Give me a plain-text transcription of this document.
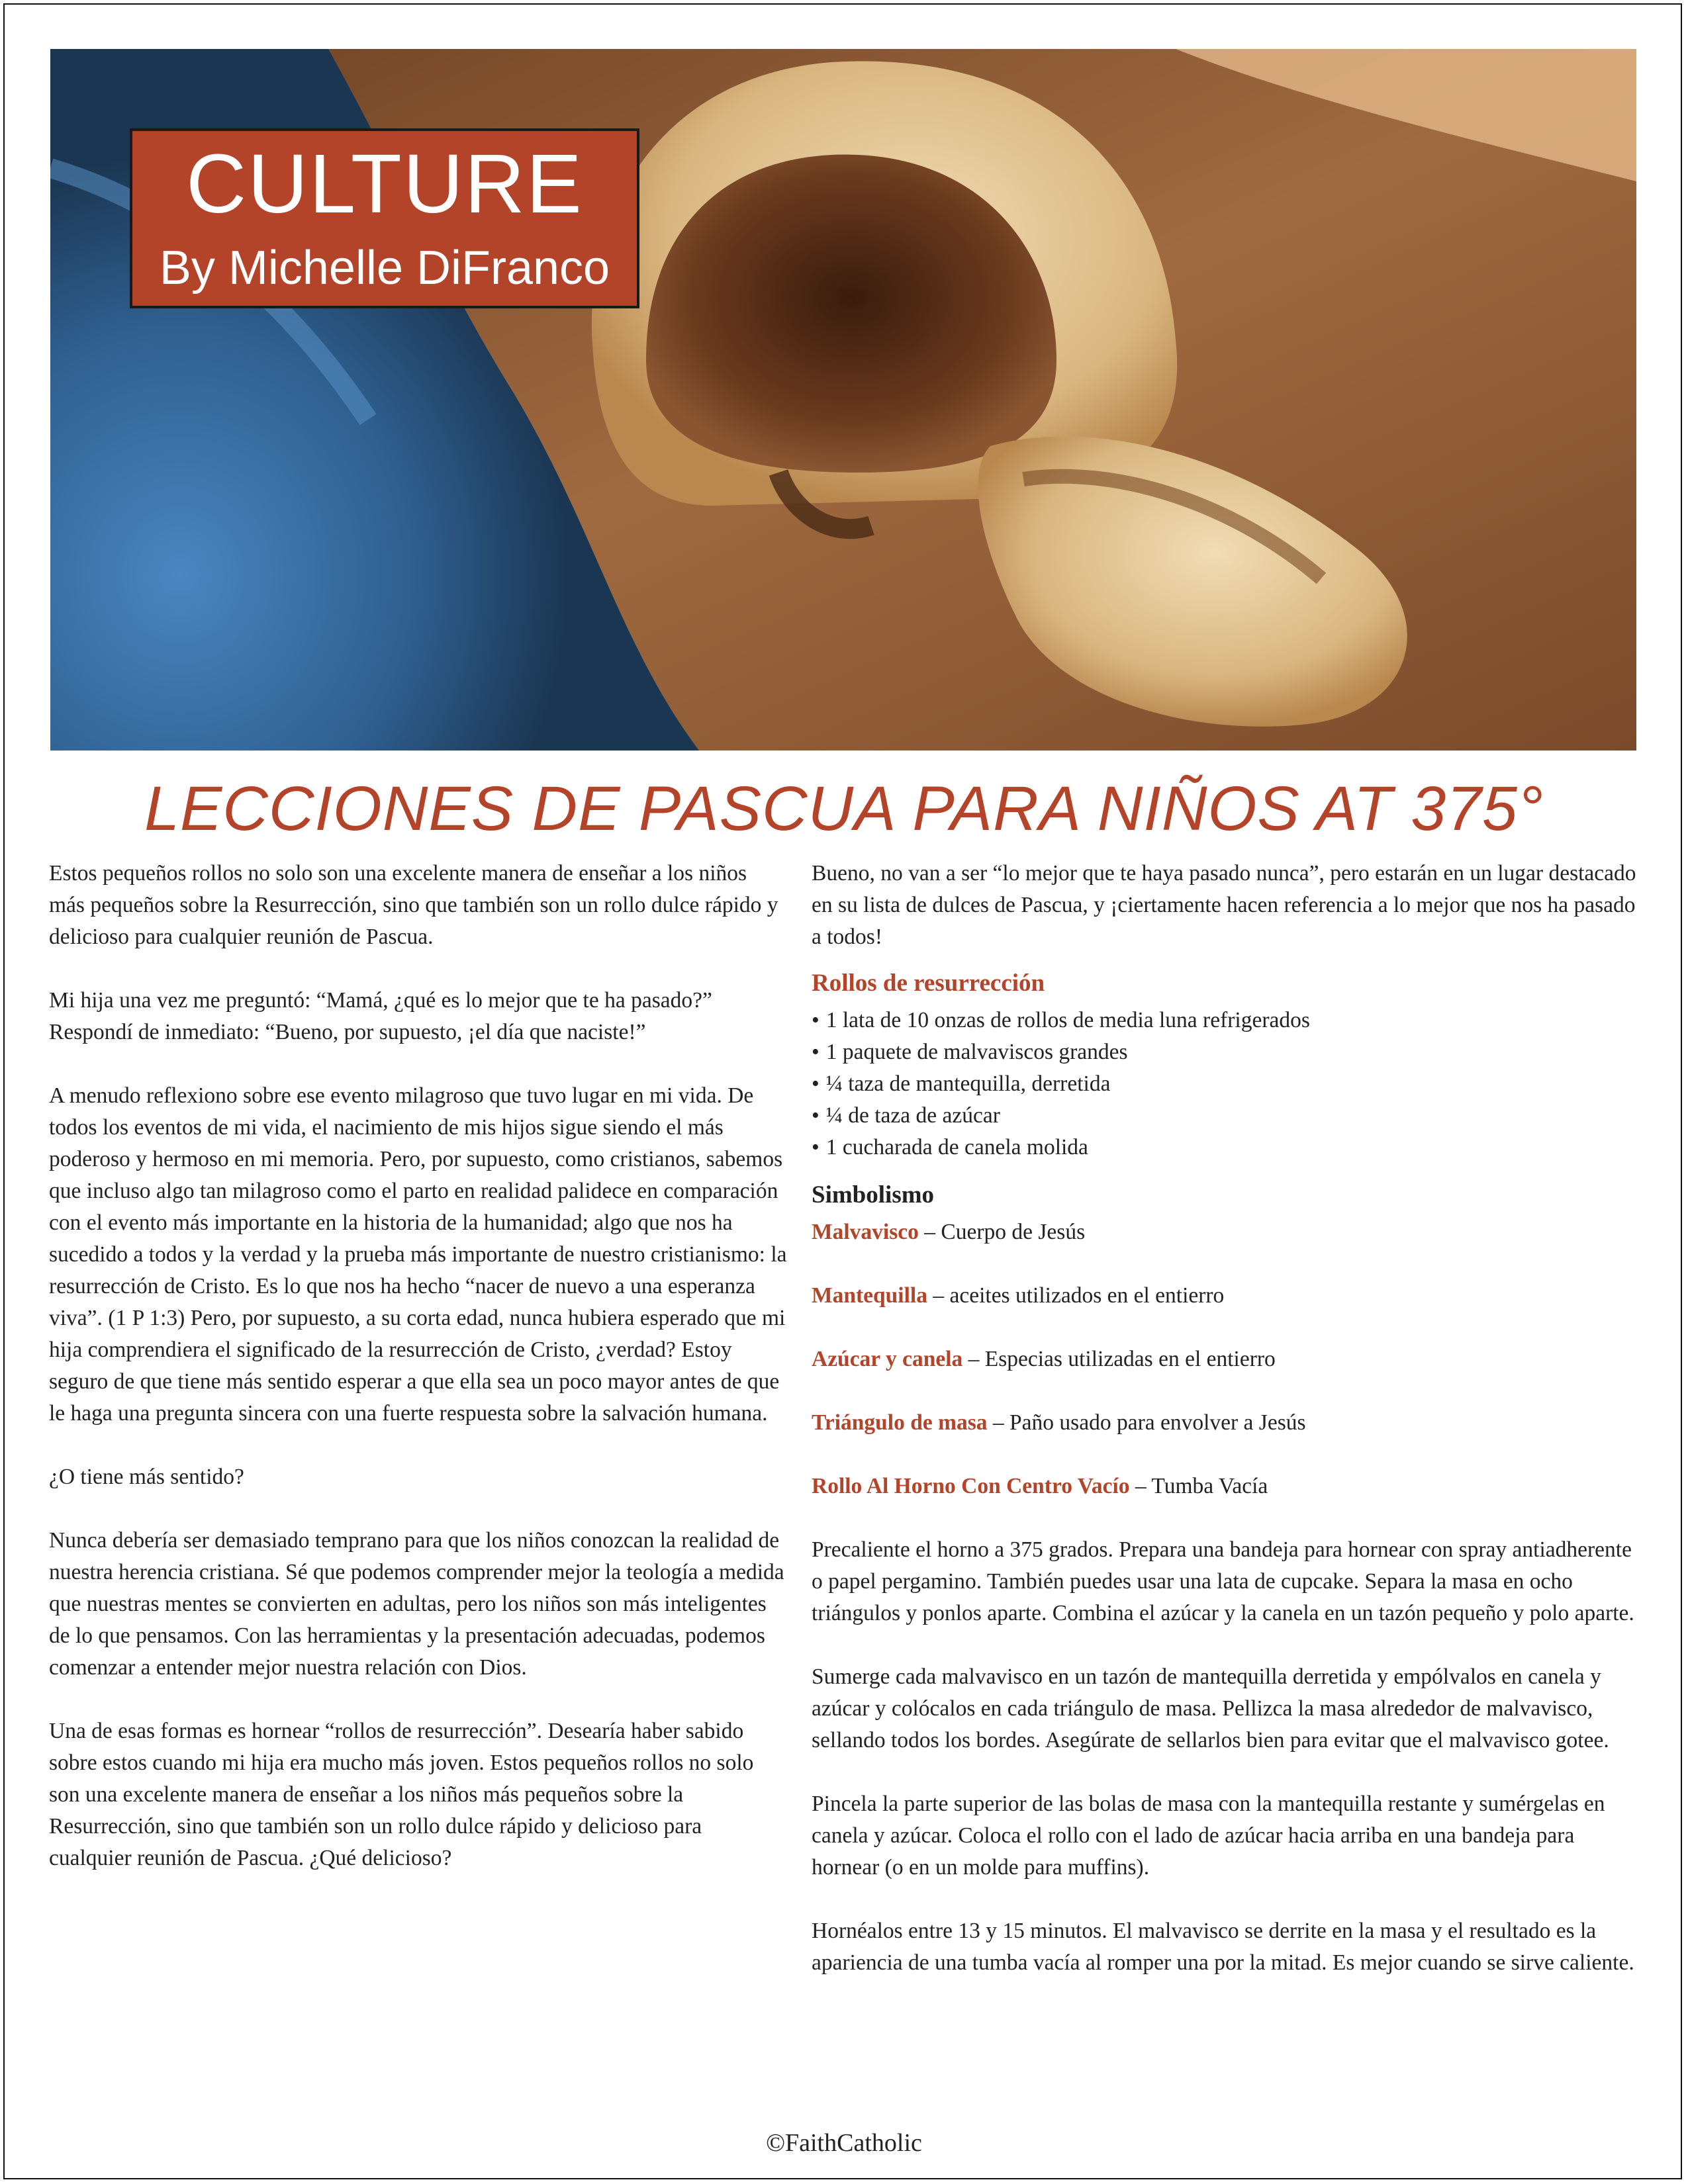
CULTURE
By Michelle DiFranco
LECCIONES DE PASCUA PARA NIÑOS AT 375°

Estos pequeños rollos no solo son una excelente manera de enseñar a los niños más pequeños sobre la Resurrección, sino que también son un rollo dulce rápido y delicioso para cualquier reunión de Pascua.

Mi hija una vez me preguntó: “Mamá, ¿qué es lo mejor que te ha pasado?” Respondí de inmediato: “Bueno, por supuesto, ¡el día que naciste!”

A menudo reflexiono sobre ese evento milagroso que tuvo lugar en mi vida. De todos los eventos de mi vida, el nacimiento de mis hijos sigue siendo el más poderoso y hermoso en mi memoria. Pero, por supuesto, como cristianos, sabemos que incluso algo tan milagroso como el parto en realidad palidece en comparación con el evento más importante en la historia de la humanidad; algo que nos ha sucedido a todos y la verdad y la prueba más importante de nuestro cristianismo: la resurrección de Cristo. Es lo que nos ha hecho “nacer de nuevo a una esperanza viva”. (1 P 1:3) Pero, por supuesto, a su corta edad, nunca hubiera esperado que mi hija comprendiera el significado de la resurrección de Cristo, ¿verdad? Estoy seguro de que tiene más sentido esperar a que ella sea un poco mayor antes de que le haga una pregunta sincera con una fuerte respuesta sobre la salvación humana.

¿O tiene más sentido?

Nunca debería ser demasiado temprano para que los niños conozcan la realidad de nuestra herencia cristiana. Sé que podemos comprender mejor la teología a medida que nuestras mentes se convierten en adultas, pero los niños son más inteligentes de lo que pensamos. Con las herramientas y la presentación adecuadas, podemos comenzar a entender mejor nuestra relación con Dios.

Una de esas formas es hornear “rollos de resurrección”. Desearía haber sabido sobre estos cuando mi hija era mucho más joven. Estos pequeños rollos no solo son una excelente manera de enseñar a los niños más pequeños sobre la Resurrección, sino que también son un rollo dulce rápido y delicioso para cualquier reunión de Pascua. ¿Qué delicioso?

Bueno, no van a ser “lo mejor que te haya pasado nunca”, pero estarán en un lugar destacado en su lista de dulces de Pascua, y ¡ciertamente hacen referencia a lo mejor que nos ha pasado a todos!

Rollos de resurrección
• 1 lata de 10 onzas de rollos de media luna refrigerados
• 1 paquete de malvaviscos grandes
• ¼ taza de mantequilla, derretida
• ¼ de taza de azúcar
• 1 cucharada de canela molida
Simbolismo
Malvavisco – Cuerpo de Jesús
Mantequilla – aceites utilizados en el entierro
Azúcar y canela – Especias utilizadas en el entierro
Triángulo de masa – Paño usado para envolver a Jesús
Rollo Al Horno Con Centro Vacío – Tumba Vacía

Precaliente el horno a 375 grados. Prepara una bandeja para hornear con spray antiadherente o papel pergamino. También puedes usar una lata de cupcake. Separa la masa en ocho triángulos y ponlos aparte. Combina el azúcar y la canela en un tazón pequeño y polo aparte.

Sumerge cada malvavisco en un tazón de mantequilla derretida y empólvalos en canela y azúcar y colócalos en cada triángulo de masa. Pellizca la masa alrededor de malvavisco, sellando todos los bordes. Asegúrate de sellarlos bien para evitar que el malvavisco gotee.

Pincela la parte superior de las bolas de masa con la mantequilla restante y sumérgelas en canela y azúcar. Coloca el rollo con el lado de azúcar hacia arriba en una bandeja para hornear (o en un molde para muffins).

Hornéalos entre 13 y 15 minutos. El malvavisco se derrite en la masa y el resultado es la apariencia de una tumba vacía al romper una por la mitad. Es mejor cuando se sirve caliente.

©FaithCatholic
